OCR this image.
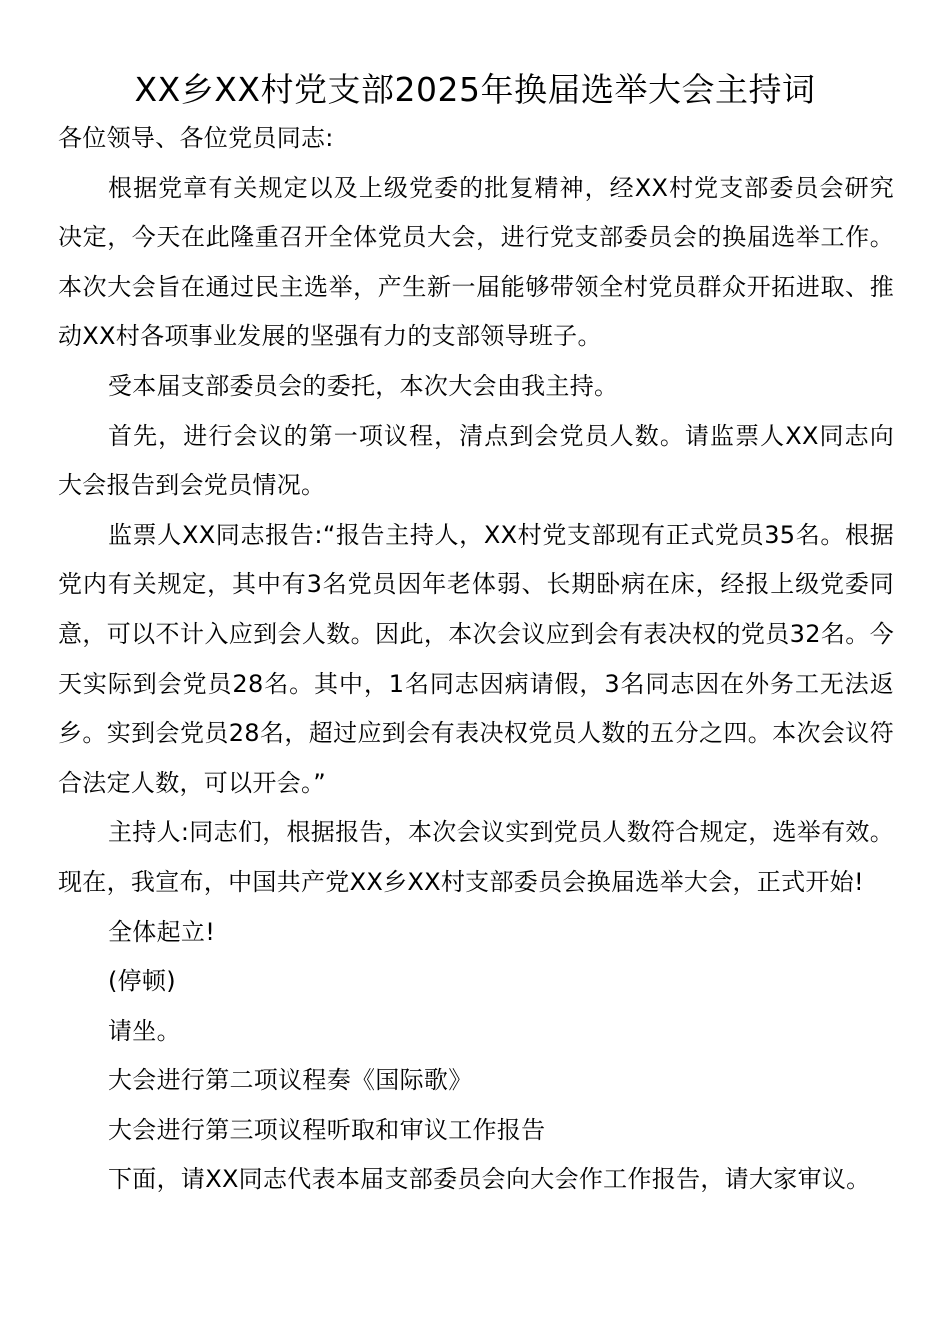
XX乡XX村党支部2025年换届选举大会主持词

各位领导、各位党员同志:

根据党章有关规定以及上级党委的批复精神，经XX村党支部委员会研究决定，今天在此隆重召开全体党员大会，进行党支部委员会的换届选举工作。本次大会旨在通过民主选举，产生新一届能够带领全村党员群众开拓进取、推动XX村各项事业发展的坚强有力的支部领导班子。

受本届支部委员会的委托，本次大会由我主持。

首先，进行会议的第一项议程，清点到会党员人数。请监票人XX同志向大会报告到会党员情况。

监票人XX同志报告:“报告主持人，XX村党支部现有正式党员35名。根据党内有关规定，其中有3名党员因年老体弱、长期卧病在床，经报上级党委同意，可以不计入应到会人数。因此，本次会议应到会有表决权的党员32名。今天实际到会党员28名。其中，1名同志因病请假，3名同志因在外务工无法返乡。实到会党员28名，超过应到会有表决权党员人数的五分之四。本次会议符合法定人数，可以开会。”

主持人:同志们，根据报告，本次会议实到党员人数符合规定，选举有效。现在，我宣布，中国共产党XX乡XX村支部委员会换届选举大会，正式开始!

全体起立!

(停顿)

请坐。

大会进行第二项议程奏《国际歌》

大会进行第三项议程听取和审议工作报告

下面，请XX同志代表本届支部委员会向大会作工作报告，请大家审议。
